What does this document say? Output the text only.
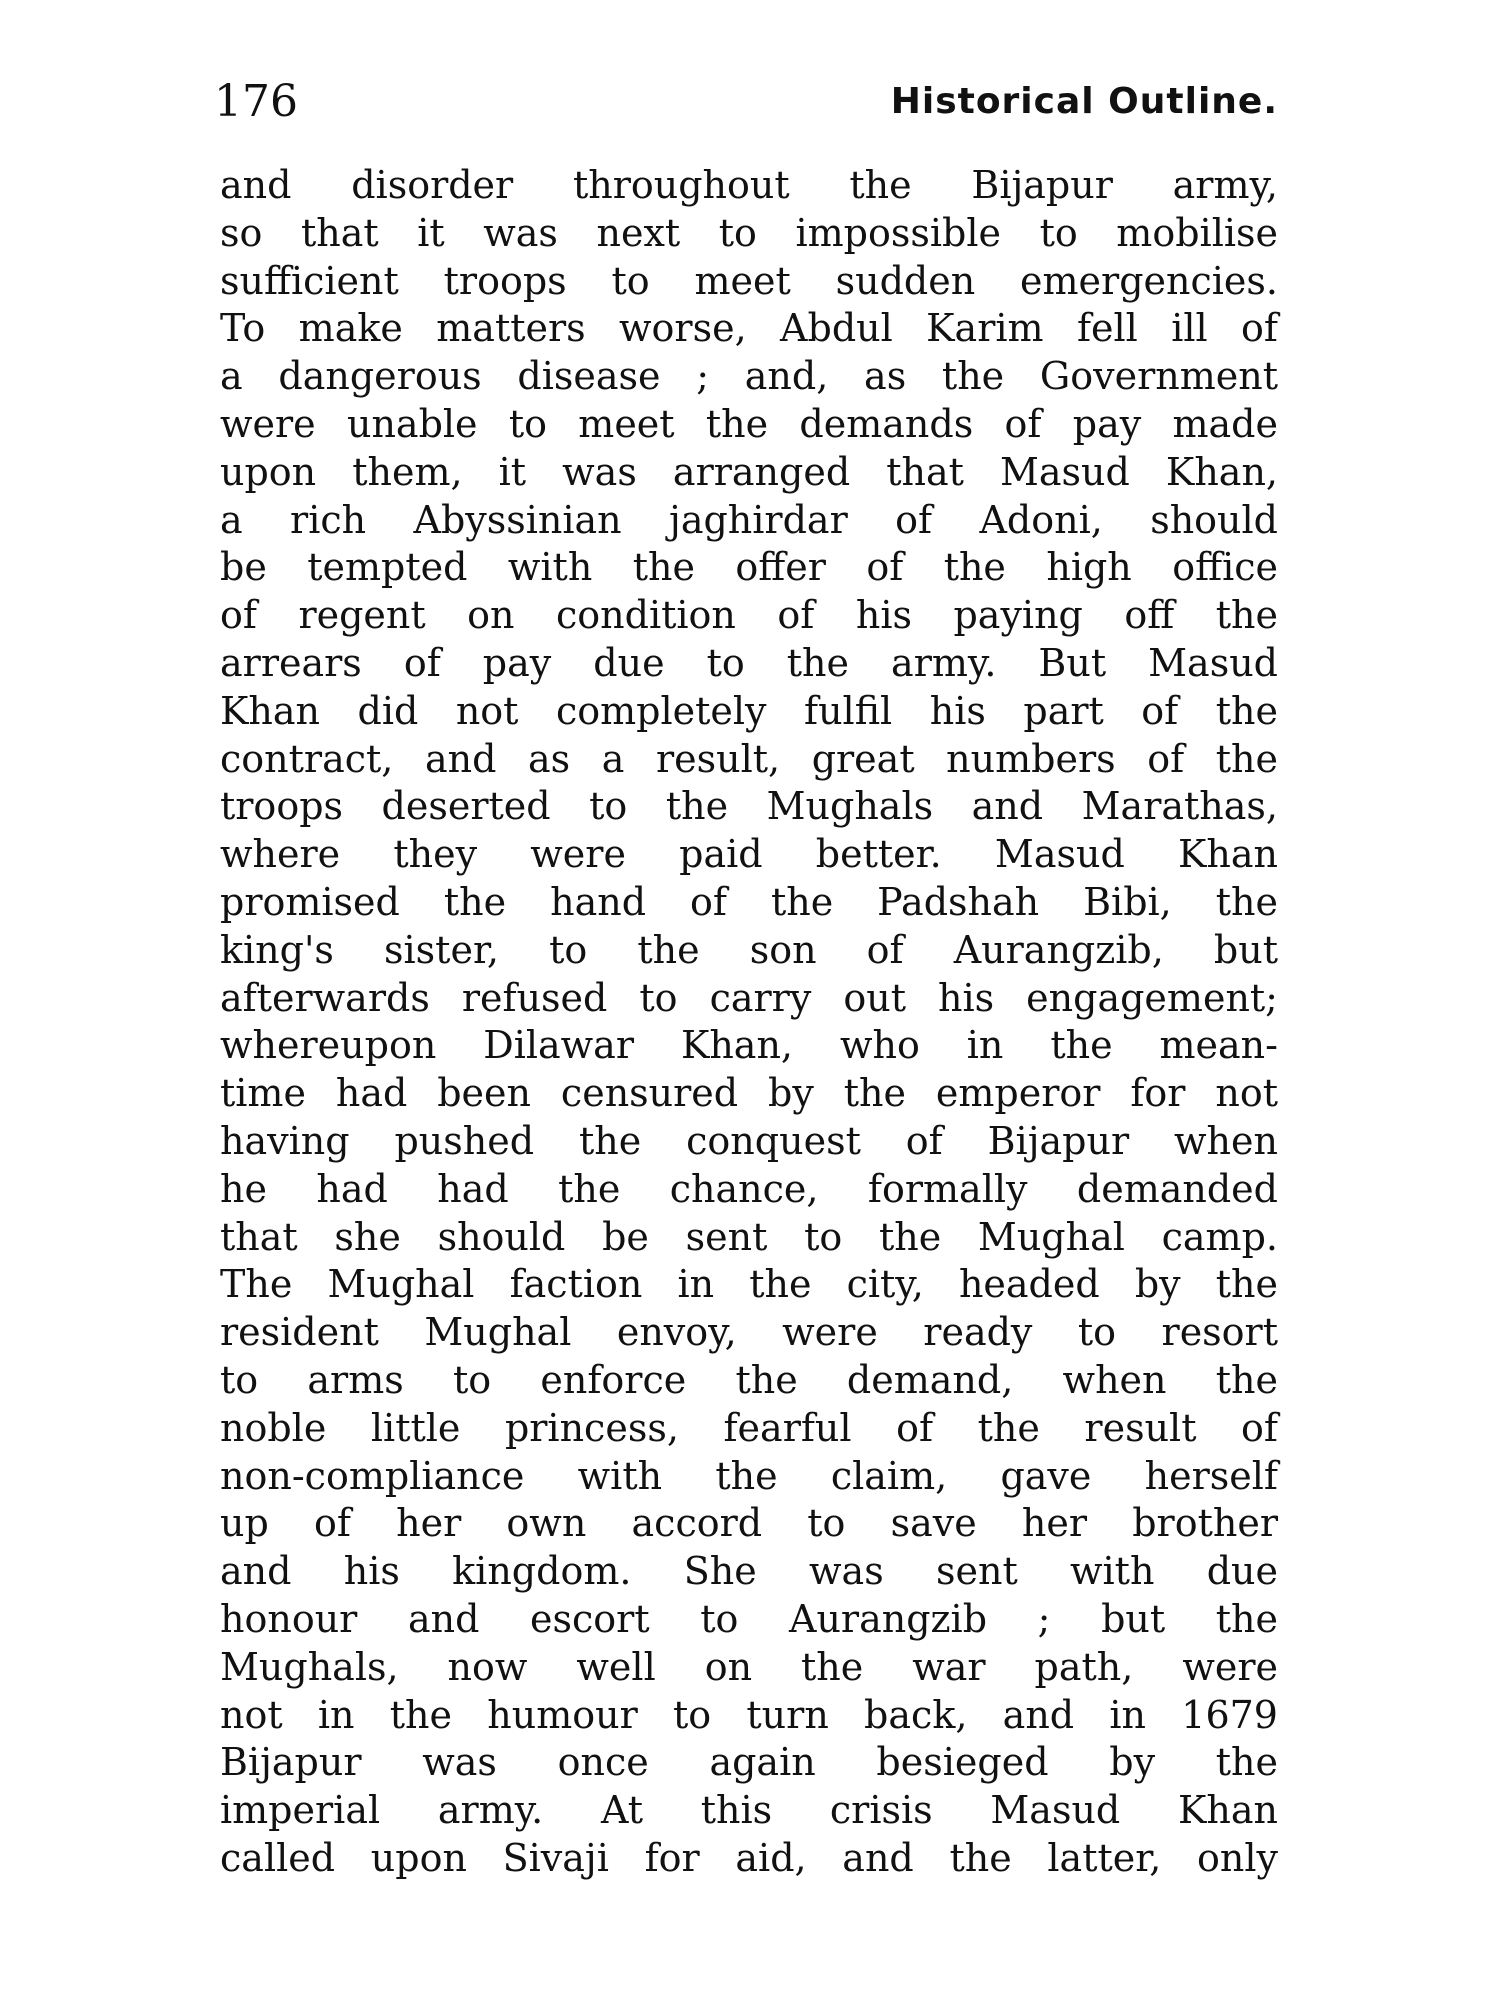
176	Historical Outline.
and disorder throughout the Bijapur army,
so that it was next to impossible to mobilise
sufficient troops to meet sudden emergencies.
To make matters worse, Abdul Karim fell ill of
a dangerous disease ; and, as the Government
were unable to meet the demands of pay made
upon them, it was arranged that Masud Khan,
a rich Abyssinian jaghirdar of Adoni, should
be tempted with the offer of the high office
of regent on condition of his paying off the
arrears of pay due to the army. But Masud
Khan did not completely fulfil his part of the
contract, and as a result, great numbers of the
troops deserted to the Mughals and Marathas,
where they were paid better. Masud Khan
promised the hand of the Padshah Bibi, the
king's sister, to the son of Aurangzib, but
afterwards refused to carry out his engagement;
whereupon Dilawar Khan, who in the mean-
time had been censured by the emperor for not
having pushed the conquest of Bijapur when
he had had the chance, formally demanded
that she should be sent to the Mughal camp.
The Mughal faction in the city, headed by the
resident Mughal envoy, were ready to resort
to arms to enforce the demand, when the
noble little princess, fearful of the result of
non-compliance with the claim, gave herself
up of her own accord to save her brother
and his kingdom. She was sent with due
honour and escort to Aurangzib ; but the
Mughals, now well on the war path, were
not in the humour to turn back, and in 1679
Bijapur was once again besieged by the
imperial army. At this crisis Masud Khan
called upon Sivaji for aid, and the latter, only
